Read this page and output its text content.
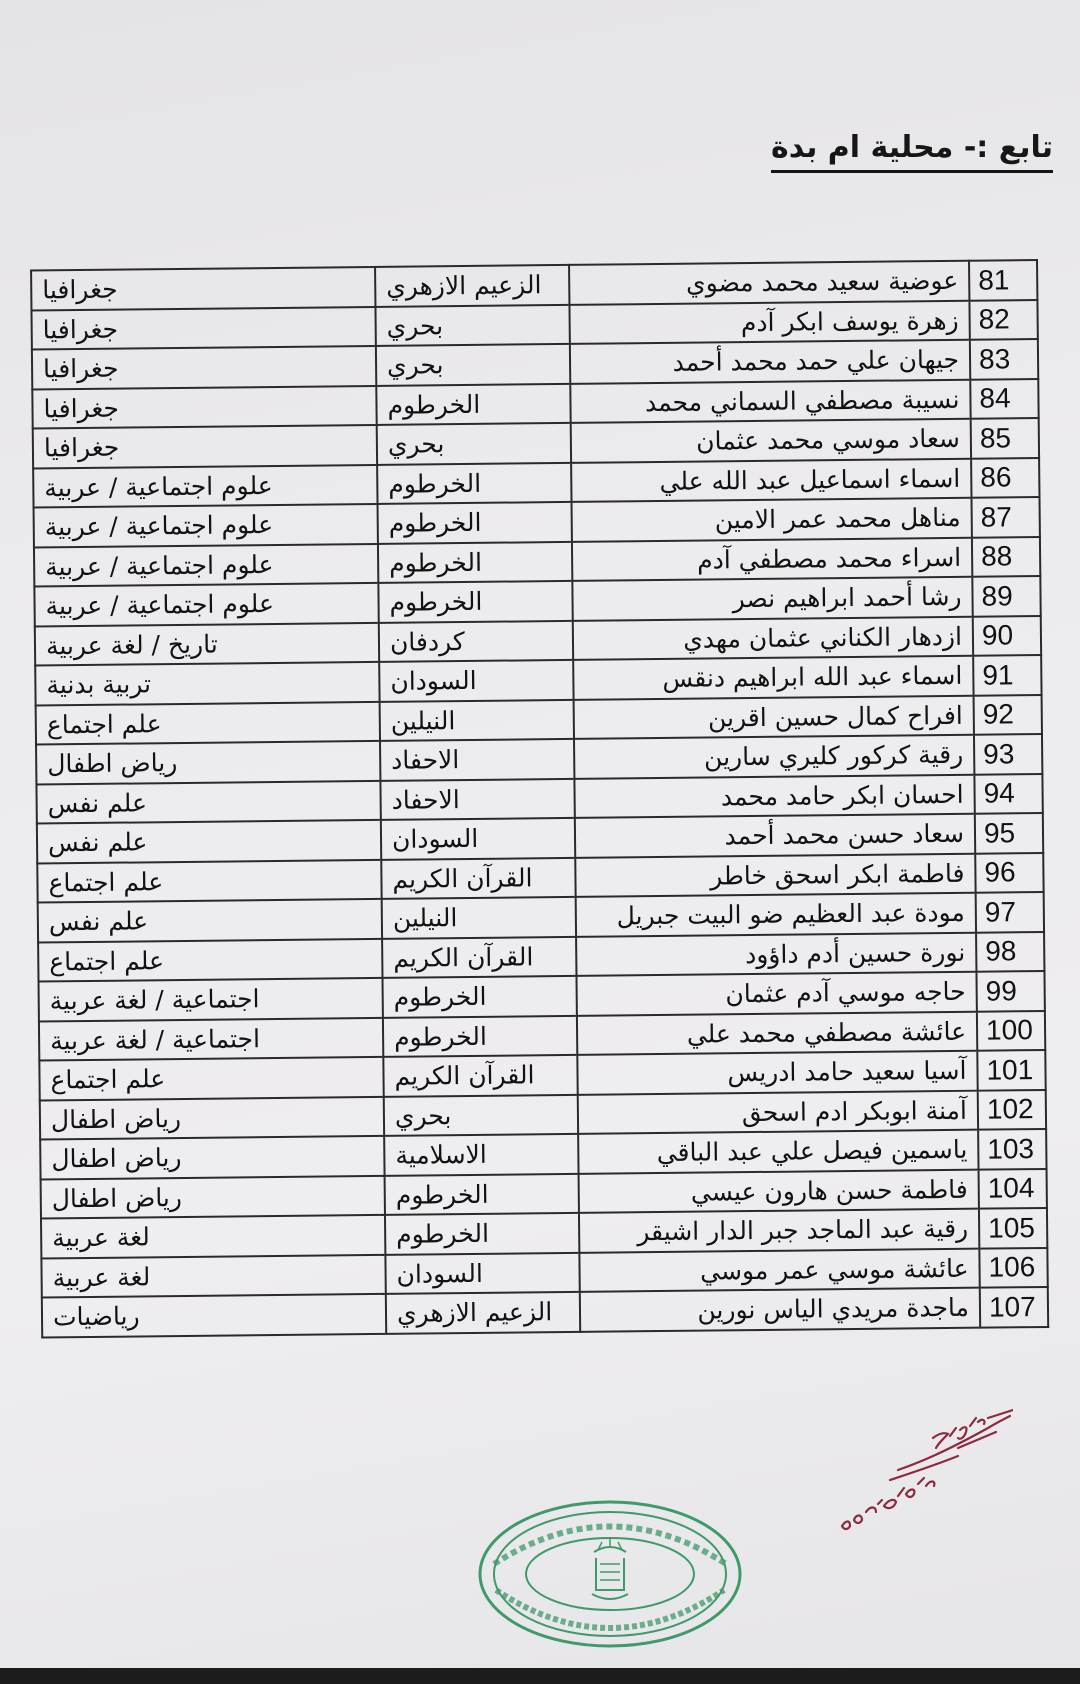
تابع :- محلية ام بدة
81	عوضية سعيد محمد مضوي	الزعيم الازهري	جغرافيا
82	زهرة يوسف ابكر آدم	بحري	جغرافيا
83	جيهان علي حمد محمد أحمد	بحري	جغرافيا
84	نسيبة مصطفي السماني محمد	الخرطوم	جغرافيا
85	سعاد موسي محمد عثمان	بحري	جغرافيا
86	اسماء اسماعيل عبد الله علي	الخرطوم	علوم اجتماعية / عربية
87	مناهل محمد عمر الامين	الخرطوم	علوم اجتماعية / عربية
88	اسراء محمد مصطفي آدم	الخرطوم	علوم اجتماعية / عربية
89	رشا أحمد ابراهيم نصر	الخرطوم	علوم اجتماعية / عربية
90	ازدهار الكناني عثمان مهدي	كردفان	تاريخ / لغة عربية
91	اسماء عبد الله ابراهيم دنقس	السودان	تربية بدنية
92	افراح كمال حسين اقرين	النيلين	علم اجتماع
93	رقية كركور كليري سارين	الاحفاد	رياض اطفال
94	احسان ابكر حامد محمد	الاحفاد	علم نفس
95	سعاد حسن محمد أحمد	السودان	علم نفس
96	فاطمة ابكر اسحق خاطر	القرآن الكريم	علم اجتماع
97	مودة عبد العظيم ضو البيت جبريل	النيلين	علم نفس
98	نورة حسين أدم داؤود	القرآن الكريم	علم اجتماع
99	حاجه موسي آدم عثمان	الخرطوم	اجتماعية / لغة عربية
100	عائشة مصطفي محمد علي	الخرطوم	اجتماعية / لغة عربية
101	آسيا سعيد حامد ادريس	القرآن الكريم	علم اجتماع
102	آمنة ابوبكر ادم اسحق	بحري	رياض اطفال
103	ياسمين فيصل علي عبد الباقي	الاسلامية	رياض اطفال
104	فاطمة حسن هارون عيسي	الخرطوم	رياض اطفال
105	رقية عبد الماجد جبر الدار اشيقر	الخرطوم	لغة عربية
106	عائشة موسي عمر موسي	السودان	لغة عربية
107	ماجدة مريدي الياس نورين	الزعيم الازهري	رياضيات
